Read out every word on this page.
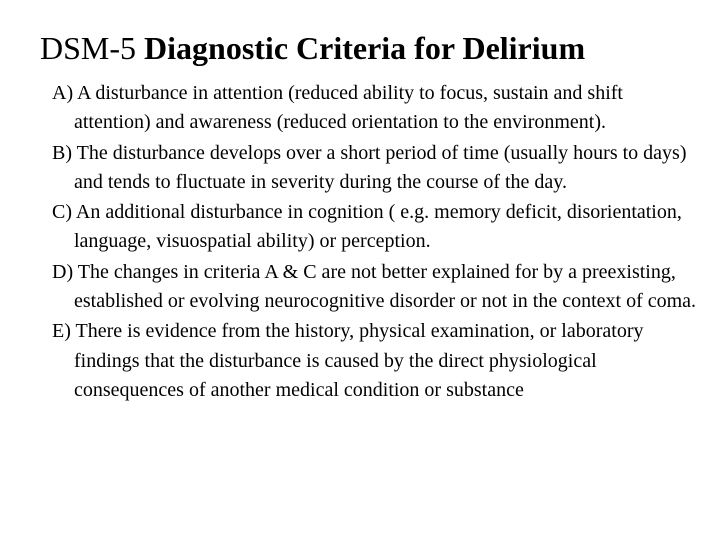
DSM-5 Diagnostic Criteria for Delirium
A) A disturbance in attention (reduced ability to focus, sustain and shift attention) and awareness (reduced orientation to the environment).
B) The disturbance develops over a short period of time (usually hours to days) and tends to fluctuate in severity during the course of the day.
C) An additional disturbance in cognition ( e.g. memory deficit, disorientation, language, visuospatial ability) or perception.
D) The changes in criteria A & C are not better explained for by a preexisting, established or evolving neurocognitive disorder or not in the context of coma.
E) There is evidence from the history, physical examination, or laboratory findings that the disturbance is caused by the direct physiological consequences of another medical condition or substance
